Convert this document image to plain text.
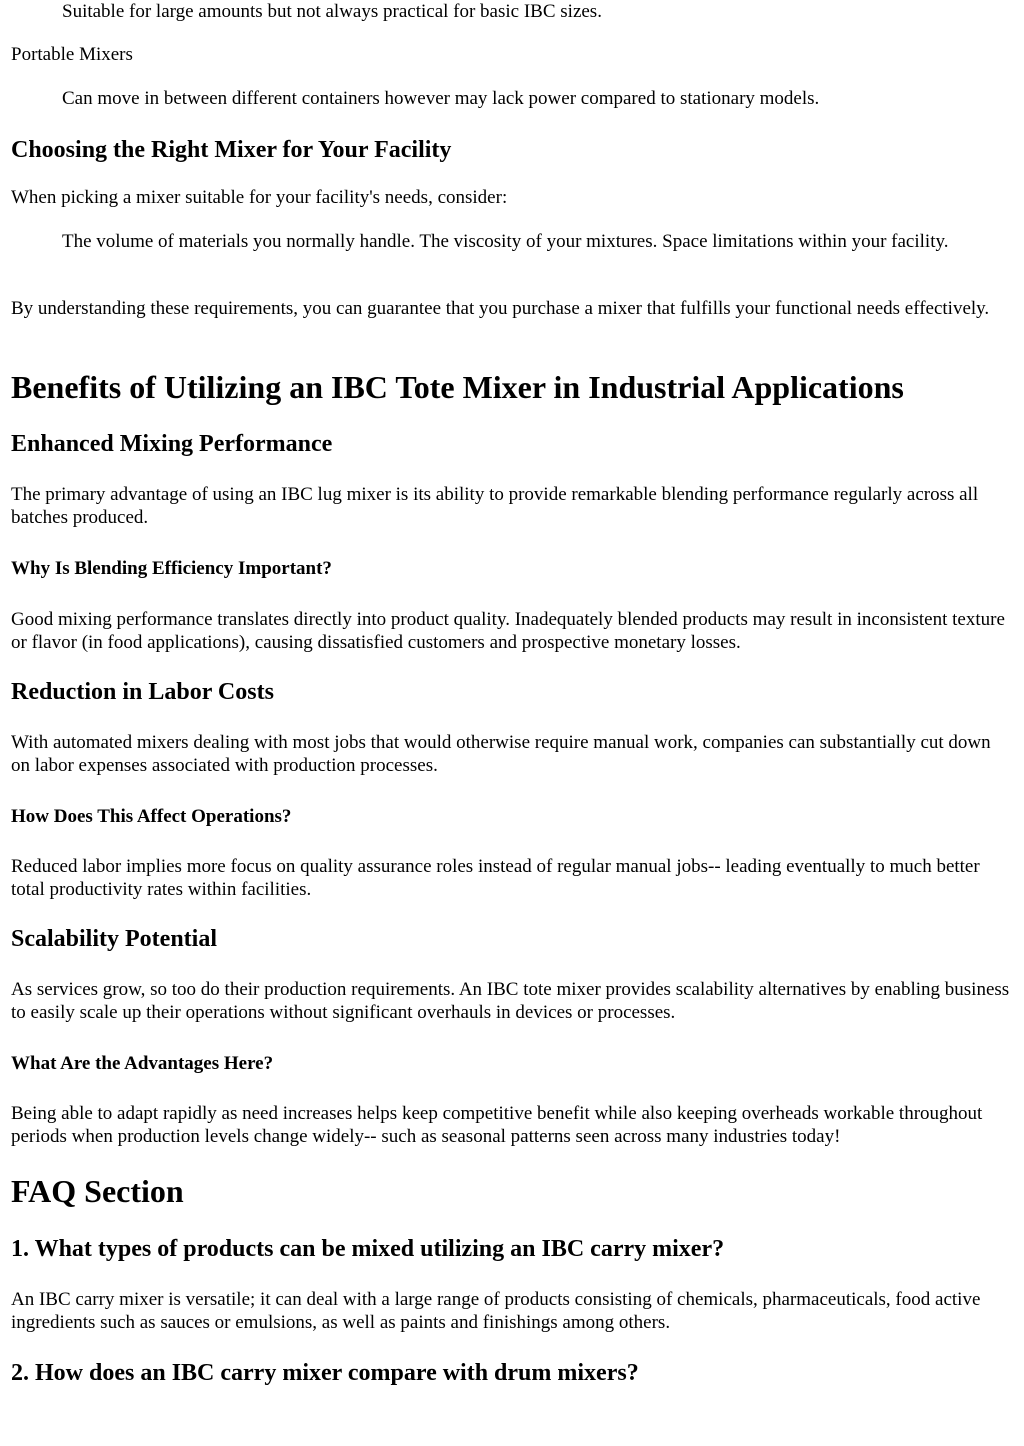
Suitable for large amounts but not always practical for basic IBC sizes.
Portable Mixers
Can move in between different containers however may lack power compared to stationary models.
Choosing the Right Mixer for Your Facility

When picking a mixer suitable for your facility's needs, consider:

The volume of materials you normally handle. The viscosity of your mixtures. Space limitations within your facility.

By understanding these requirements, you can guarantee that you purchase a mixer that fulfills your functional needs effectively.

Benefits of Utilizing an IBC Tote Mixer in Industrial Applications
Enhanced Mixing Performance

The primary advantage of using an IBC lug mixer is its ability to provide remarkable blending performance regularly across all batches produced.

Why Is Blending Efficiency Important?

Good mixing performance translates directly into product quality. Inadequately blended products may result in inconsistent texture or flavor (in food applications), causing dissatisfied customers and prospective monetary losses.

Reduction in Labor Costs

With automated mixers dealing with most jobs that would otherwise require manual work, companies can substantially cut down on labor expenses associated with production processes.

How Does This Affect Operations?

Reduced labor implies more focus on quality assurance roles instead of regular manual jobs-- leading eventually to much better total productivity rates within facilities.

Scalability Potential

As services grow, so too do their production requirements. An IBC tote mixer provides scalability alternatives by enabling business to easily scale up their operations without significant overhauls in devices or processes.

What Are the Advantages Here?

Being able to adapt rapidly as need increases helps keep competitive benefit while also keeping overheads workable throughout periods when production levels change widely-- such as seasonal patterns seen across many industries today!

FAQ Section
1. What types of products can be mixed utilizing an IBC carry mixer?

An IBC carry mixer is versatile; it can deal with a large range of products consisting of chemicals, pharmaceuticals, food active ingredients such as sauces or emulsions, as well as paints and finishings among others.

2. How does an IBC carry mixer compare with drum mixers?
